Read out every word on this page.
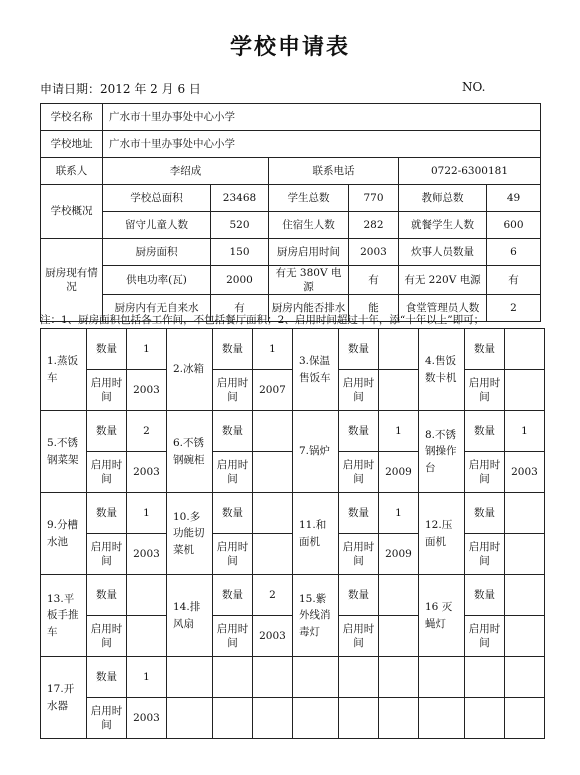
学校申请表
申请日期：2012 年 2 月 6 日	NO.
学校名称	广水市十里办事处中心小学					
学校地址	广水市十里办事处中心小学					
联系人	李绍成		联系电话		0722-6300181	
学校概况	学校总面积	23468	学生总数	770	教师总数	49
	留守儿童人数	520	住宿生人数	282	就餐学生人数	600
厨房现有情况	厨房面积	150	厨房启用时间	2003	炊事人员数量	6
	供电功率(瓦)	2000	有无 380V 电源	有	有无 220V 电源	有
	厨房内有无自来水	有	厨房内能否排水	能	食堂管理员人数	2
注：1、厨房面积包括各工作间，不包括餐厅面积；2、启用时间超过十年，添“十年以上”即可；
1.蒸饭车	数量	1	2.冰箱	数量	1	3.保温售饭车	数量		4.售饭数卡机	数量	
	启用时间	2003		启用时间	2007		启用时间			启用时间	
5.不锈钢菜架	数量	2	6.不锈钢碗柜	数量		7.锅炉	数量	1	8.不锈钢操作台	数量	1
	启用时间	2003		启用时间			启用时间	2009		启用时间	2003
9.分槽水池	数量	1	10.多功能切菜机	数量		11.和面机	数量	1	12.压面机	数量	
	启用时间	2003		启用时间			启用时间	2009		启用时间	
13.平板手推车	数量		14.排风扇	数量	2	15.紫外线消毒灯	数量		16 灭蝇灯	数量	
	启用时间			启用时间	2003		启用时间			启用时间	
17.开水器	数量	1									
	启用时间	2003									
